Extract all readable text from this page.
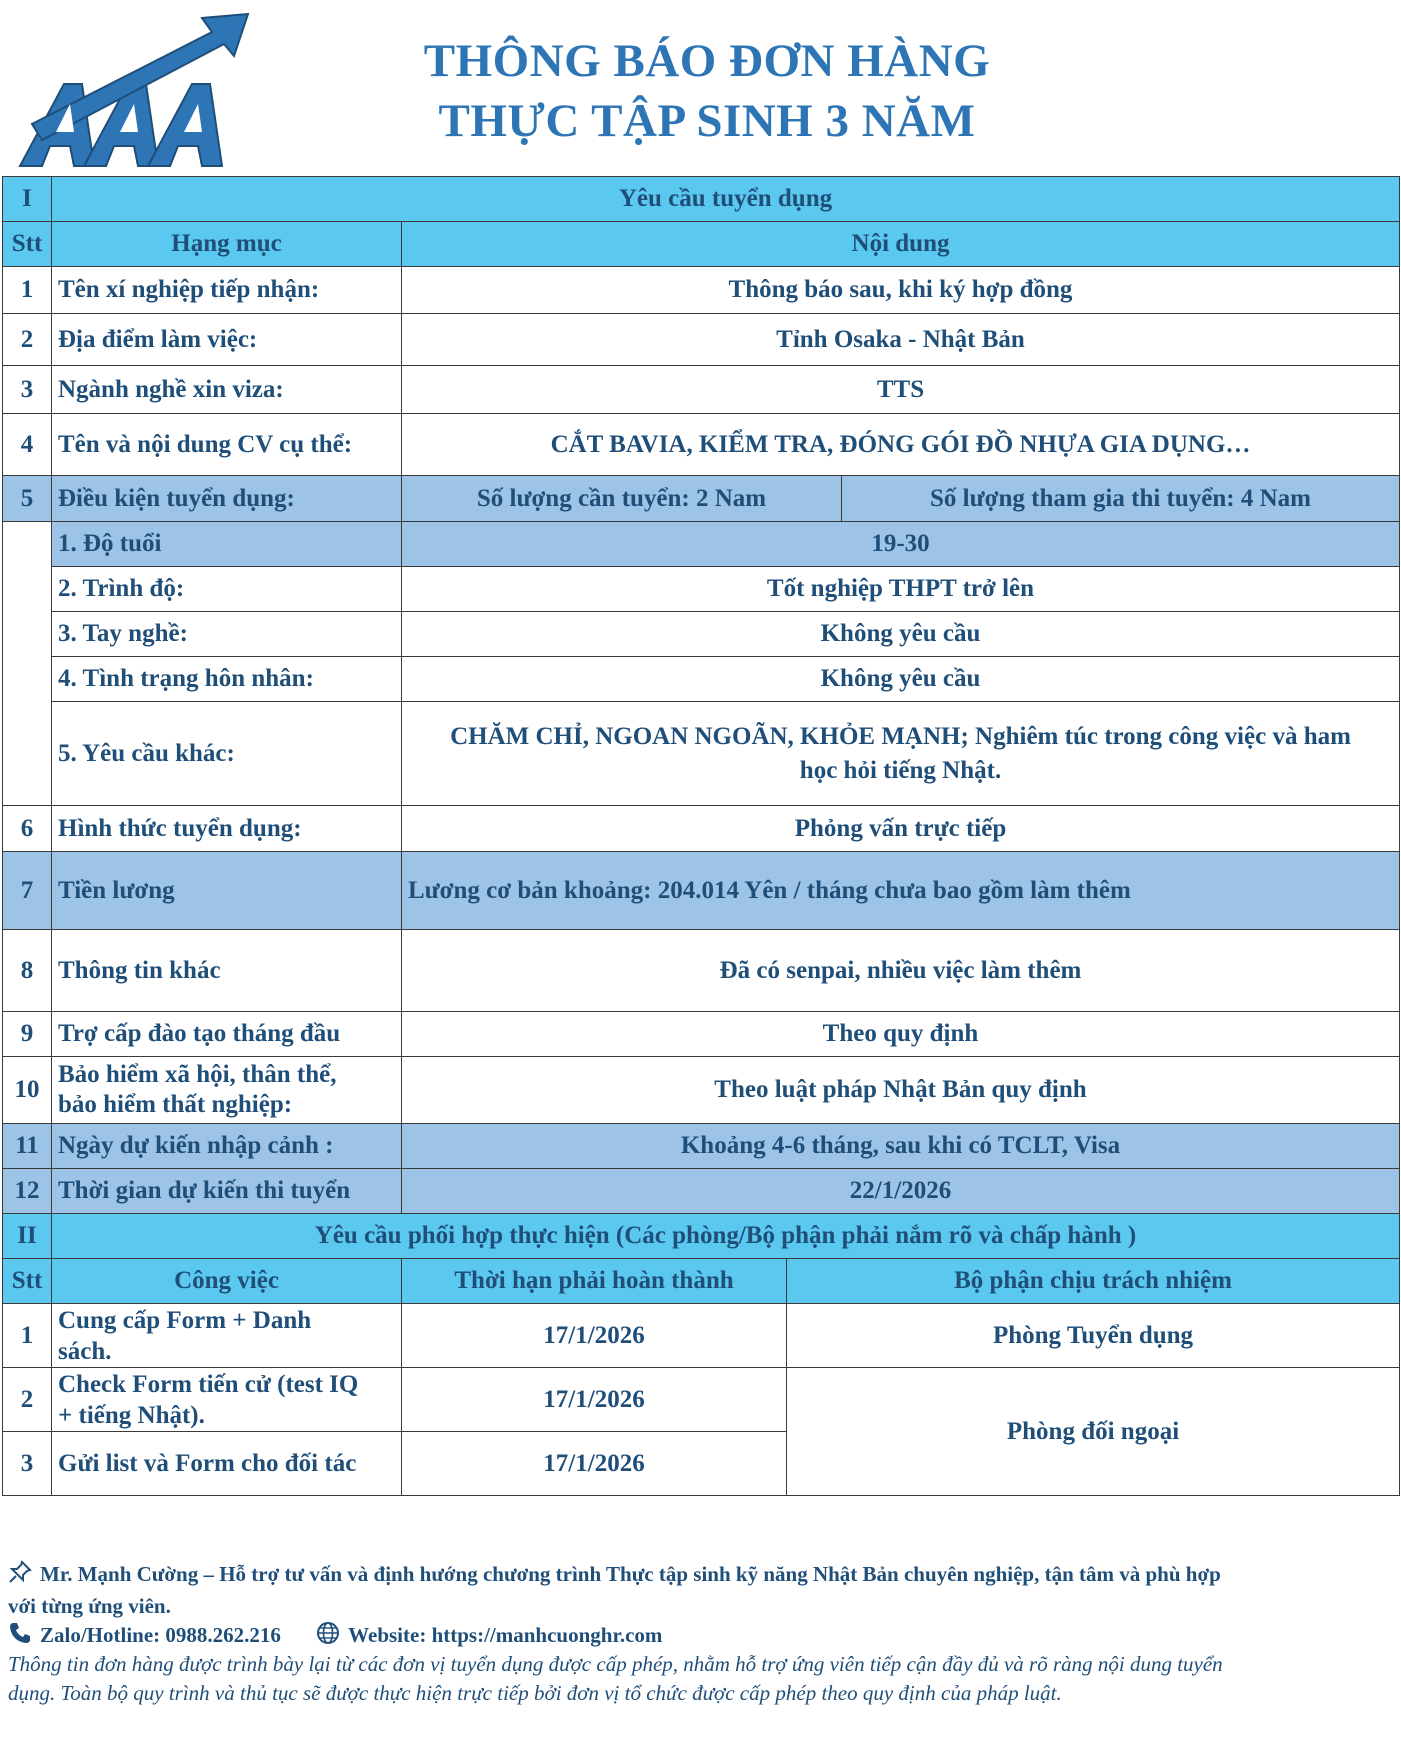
THÔNG BÁO ĐƠN HÀNG
THỰC TẬP SINH 3 NĂM
I	Yêu cầu tuyển dụng			
Stt	Hạng mục	Nội dung		
1	Tên xí nghiệp tiếp nhận:	Thông báo sau, khi ký hợp đồng		
2	Địa điểm làm việc:	Tỉnh Osaka - Nhật Bản		
3	Ngành nghề xin viza:	TTS		
4	Tên và nội dung CV cụ thể:	CẮT BAVIA, KIỂM TRA, ĐÓNG GÓI ĐỒ NHỰA GIA DỤNG…		
5	Điều kiện tuyển dụng:	Số lượng cần tuyển: 2 Nam		Số lượng tham gia thi tuyển: 4 Nam
	1. Độ tuổi	19-30		
	2. Trình độ:	Tốt nghiệp THPT trở lên		
	3. Tay nghề:	Không yêu cầu		
	4. Tình trạng hôn nhân:	Không yêu cầu		
	5. Yêu cầu khác:	CHĂM CHỈ, NGOAN NGOÃN, KHỎE MẠNH; Nghiêm túc trong công việc và ham
học hỏi tiếng Nhật.		
6	Hình thức tuyển dụng:	Phỏng vấn trực tiếp		
7	Tiền lương	Lương cơ bản khoảng: 204.014 Yên / tháng chưa bao gồm làm thêm		
8	Thông tin khác	Đã có senpai, nhiều việc làm thêm		
9	Trợ cấp đào tạo tháng đầu	Theo quy định		
10	Bảo hiểm xã hội, thân thể,
bảo hiểm thất nghiệp:	Theo luật pháp Nhật Bản quy định		
11	Ngày dự kiến nhập cảnh :	Khoảng 4-6 tháng, sau khi có TCLT, Visa		
12	Thời gian dự kiến thi tuyển	22/1/2026		
II	Yêu cầu phối hợp thực hiện (Các phòng/Bộ phận phải nắm rõ và chấp hành )			
Stt	Công việc	Thời hạn phải hoàn thành	Bộ phận chịu trách nhiệm	
1	Cung cấp Form + Danh
sách.	17/1/2026	Phòng Tuyển dụng	
2	Check Form tiến cử (test IQ
+ tiếng Nhật).	17/1/2026	Phòng đối ngoại	
3	Gửi list và Form cho đối tác	17/1/2026		
Mr. Mạnh Cường – Hỗ trợ tư vấn và định hướng chương trình Thực tập sinh kỹ năng Nhật Bản chuyên nghiệp, tận tâm và phù hợp
với từng ứng viên.
Zalo/Hotline: 0988.262.216	Website: https://manhcuonghr.com
Thông tin đơn hàng được trình bày lại từ các đơn vị tuyển dụng được cấp phép, nhằm hỗ trợ ứng viên tiếp cận đầy đủ và rõ ràng nội dung tuyển
dụng. Toàn bộ quy trình và thủ tục sẽ được thực hiện trực tiếp bởi đơn vị tổ chức được cấp phép theo quy định của pháp luật.
